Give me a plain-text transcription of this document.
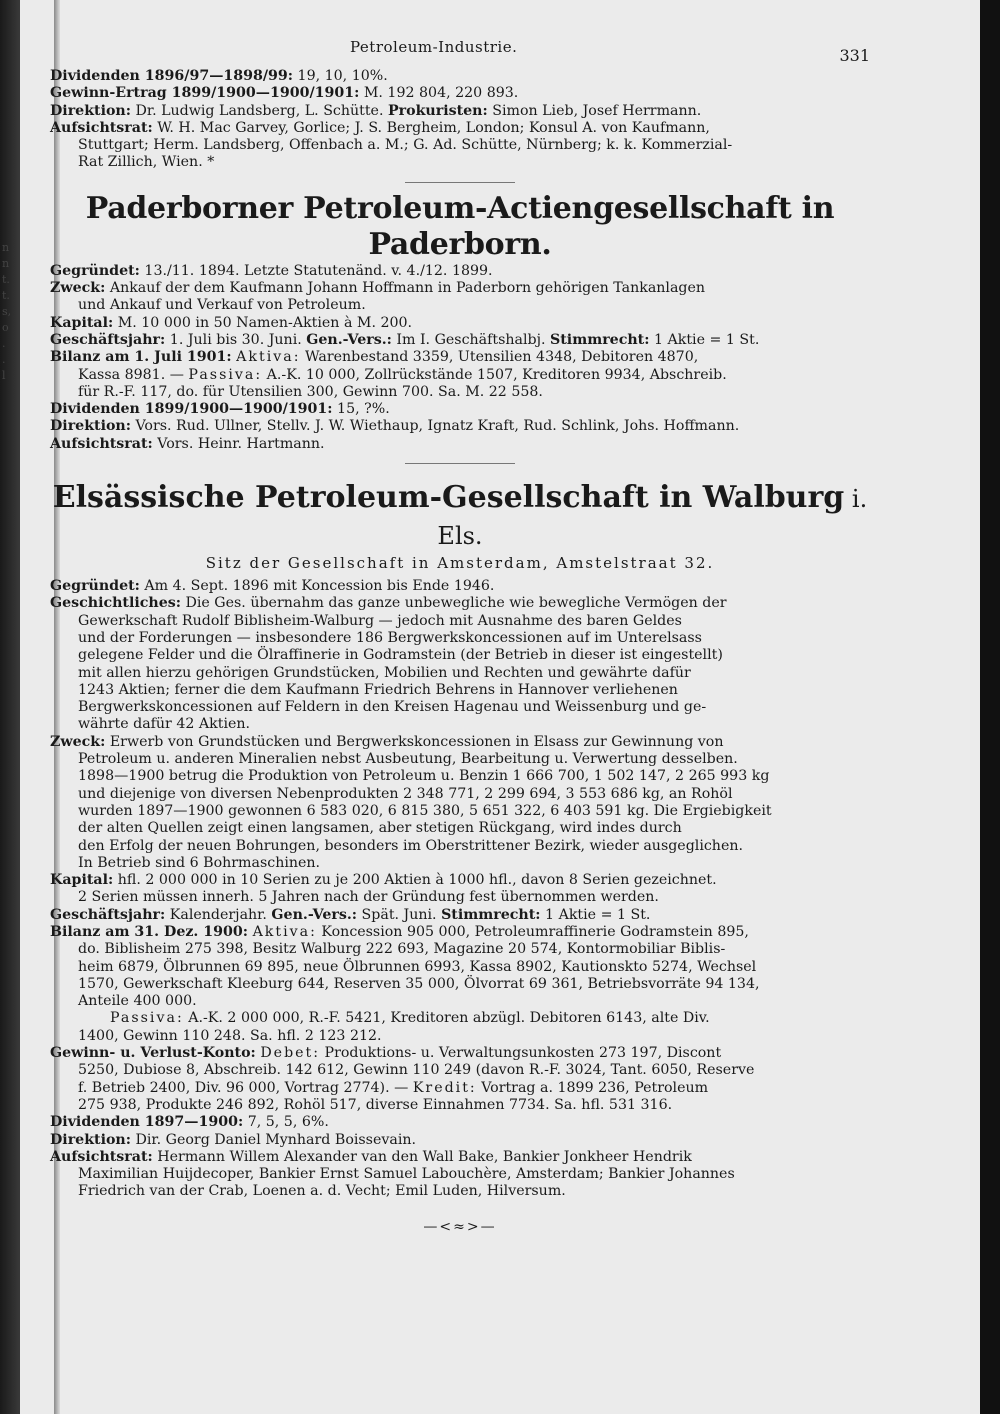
n
n
t.
t.
s,
o
.
.
l
Petroleum-Industrie.	331

Dividenden 1896/97—1898/99: 19, 10, 10%.

Gewinn-Ertrag 1899/1900—1900/1901: M. 192 804, 220 893.

Direktion: Dr. Ludwig Landsberg, L. Schütte. Prokuristen: Simon Lieb, Josef Herrmann.

Aufsichtsrat: W. H. Mac Garvey, Gorlice; J. S. Bergheim, London; Konsul A. von Kaufmann,

Stuttgart; Herm. Landsberg, Offenbach a. M.; G. Ad. Schütte, Nürnberg; k. k. Kommerzial-

Rat Zillich, Wien. *

Paderborner Petroleum-Actiengesellschaft in Paderborn.

Gegründet: 13./11. 1894. Letzte Statutenänd. v. 4./12. 1899.

Zweck: Ankauf der dem Kaufmann Johann Hoffmann in Paderborn gehörigen Tankanlagen

und Ankauf und Verkauf von Petroleum.

Kapital: M. 10 000 in 50 Namen-Aktien à M. 200.

Geschäftsjahr: 1. Juli bis 30. Juni. Gen.-Vers.: Im I. Geschäftshalbj. Stimmrecht: 1 Aktie = 1 St.

Bilanz am 1. Juli 1901: Aktiva: Warenbestand 3359, Utensilien 4348, Debitoren 4870,

Kassa 8981. — Passiva: A.-K. 10 000, Zollrückstände 1507, Kreditoren 9934, Abschreib.

für R.-F. 117, do. für Utensilien 300, Gewinn 700. Sa. M. 22 558.

Dividenden 1899/1900—1900/1901: 15, ?%.

Direktion: Vors. Rud. Ullner, Stellv. J. W. Wiethaup, Ignatz Kraft, Rud. Schlink, Johs. Hoffmann.

Aufsichtsrat: Vors. Heinr. Hartmann.

Elsässische Petroleum-Gesellschaft in Walburg i. Els.

Sitz der Gesellschaft in Amsterdam, Amstelstraat 32.

Gegründet: Am 4. Sept. 1896 mit Koncession bis Ende 1946.

Geschichtliches: Die Ges. übernahm das ganze unbewegliche wie bewegliche Vermögen der

Gewerkschaft Rudolf Biblisheim-Walburg — jedoch mit Ausnahme des baren Geldes

und der Forderungen — insbesondere 186 Bergwerkskoncessionen auf im Unterelsass

gelegene Felder und die Ölraffinerie in Godramstein (der Betrieb in dieser ist eingestellt)

mit allen hierzu gehörigen Grundstücken, Mobilien und Rechten und gewährte dafür

1243 Aktien; ferner die dem Kaufmann Friedrich Behrens in Hannover verliehenen

Bergwerkskoncessionen auf Feldern in den Kreisen Hagenau und Weissenburg und ge-

währte dafür 42 Aktien.

Zweck: Erwerb von Grundstücken und Bergwerkskoncessionen in Elsass zur Gewinnung von

Petroleum u. anderen Mineralien nebst Ausbeutung, Bearbeitung u. Verwertung desselben.

1898—1900 betrug die Produktion von Petroleum u. Benzin 1 666 700, 1 502 147, 2 265 993 kg

und diejenige von diversen Nebenprodukten 2 348 771, 2 299 694, 3 553 686 kg, an Rohöl

wurden 1897—1900 gewonnen 6 583 020, 6 815 380, 5 651 322, 6 403 591 kg. Die Ergiebigkeit

der alten Quellen zeigt einen langsamen, aber stetigen Rückgang, wird indes durch

den Erfolg der neuen Bohrungen, besonders im Oberstrittener Bezirk, wieder ausgeglichen.

In Betrieb sind 6 Bohrmaschinen.

Kapital: hfl. 2 000 000 in 10 Serien zu je 200 Aktien à 1000 hfl., davon 8 Serien gezeichnet.

2 Serien müssen innerh. 5 Jahren nach der Gründung fest übernommen werden.

Geschäftsjahr: Kalenderjahr. Gen.-Vers.: Spät. Juni. Stimmrecht: 1 Aktie = 1 St.

Bilanz am 31. Dez. 1900: Aktiva: Koncession 905 000, Petroleumraffinerie Godramstein 895,

do. Biblisheim 275 398, Besitz Walburg 222 693, Magazine 20 574, Kontormobiliar Biblis-

heim 6879, Ölbrunnen 69 895, neue Ölbrunnen 6993, Kassa 8902, Kautionskto 5274, Wechsel

1570, Gewerkschaft Kleeburg 644, Reserven 35 000, Ölvorrat 69 361, Betriebsvorräte 94 134,

Anteile 400 000.

Passiva: A.-K. 2 000 000, R.-F. 5421, Kreditoren abzügl. Debitoren 6143, alte Div.

1400, Gewinn 110 248. Sa. hfl. 2 123 212.

Gewinn- u. Verlust-Konto: Debet: Produktions- u. Verwaltungsunkosten 273 197, Discont

5250, Dubiose 8, Abschreib. 142 612, Gewinn 110 249 (davon R.-F. 3024, Tant. 6050, Reserve

f. Betrieb 2400, Div. 96 000, Vortrag 2774). — Kredit: Vortrag a. 1899 236, Petroleum

275 938, Produkte 246 892, Rohöl 517, diverse Einnahmen 7734. Sa. hfl. 531 316.

Dividenden 1897—1900: 7, 5, 5, 6%.

Direktion: Dir. Georg Daniel Mynhard Boissevain.

Aufsichtsrat: Hermann Willem Alexander van den Wall Bake, Bankier Jonkheer Hendrik

Maximilian Huijdecoper, Bankier Ernst Samuel Labouchère, Amsterdam; Bankier Johannes

Friedrich van der Crab, Loenen a. d. Vecht; Emil Luden, Hilversum.

—<≈>—
